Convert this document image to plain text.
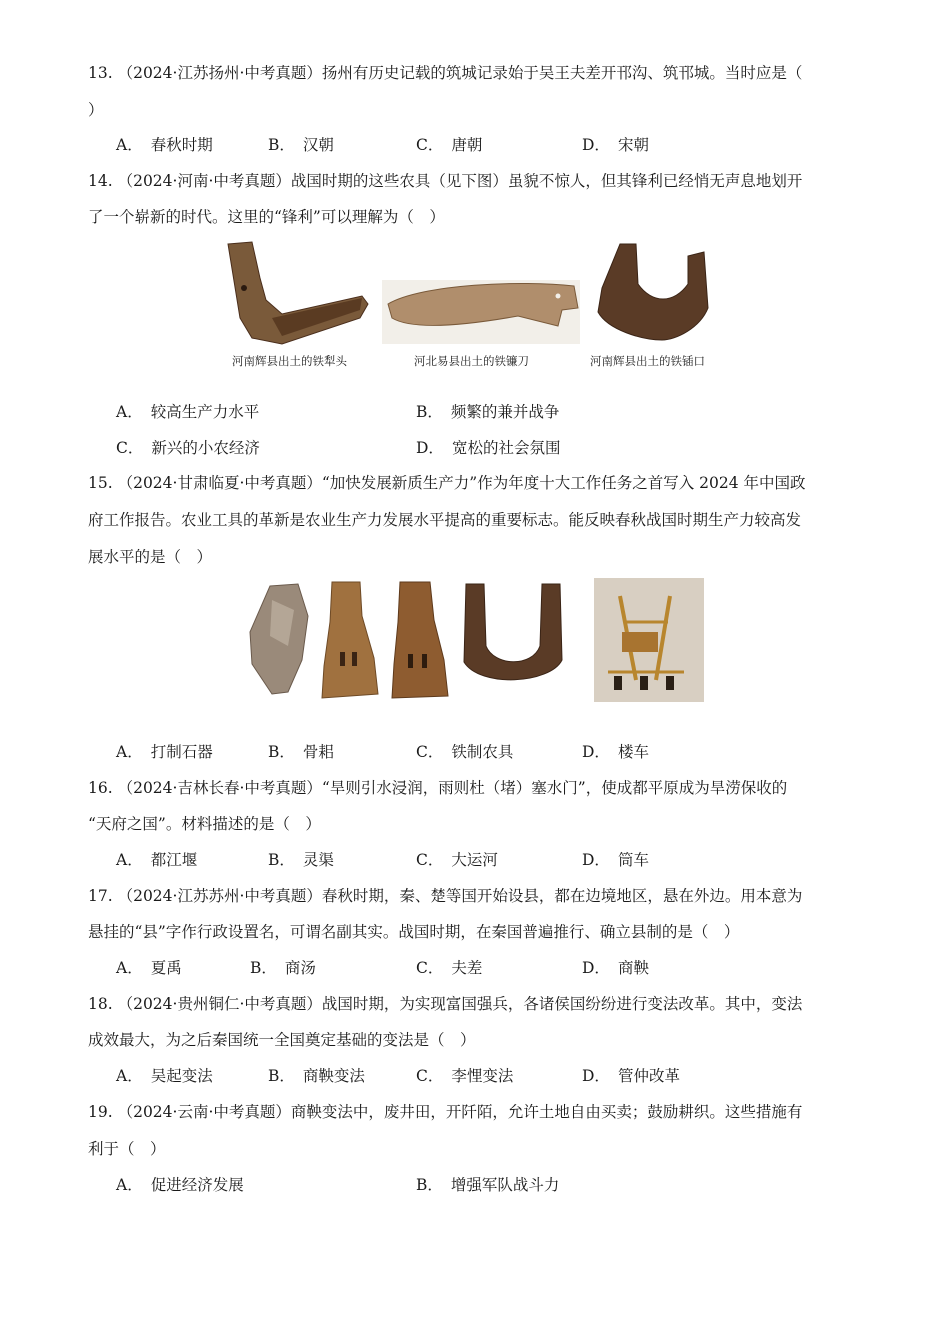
13. （2024·江苏扬州·中考真题）扬州有历史记载的筑城记录始于吴王夫差开邗沟、筑邗城。当时应是（
）
A． 春秋时期	B． 汉朝	C． 唐朝	D． 宋朝
14. （2024·河南·中考真题）战国时期的这些农具（见下图）虽貌不惊人，但其锋利已经悄无声息地划开
了一个崭新的时代。这里的“锋利”可以理解为（　）
河南辉县出土的铁犁头	河北易县出土的铁镰刀	河南辉县出土的铁锸口
A． 较高生产力水平	B． 频繁的兼并战争
C． 新兴的小农经济	D． 宽松的社会氛围
15. （2024·甘肃临夏·中考真题）“加快发展新质生产力”作为年度十大工作任务之首写入 2024 年中国政
府工作报告。农业工具的革新是农业生产力发展水平提高的重要标志。能反映春秋战国时期生产力较高发
展水平的是（　）
A． 打制石器	B． 骨耜	C． 铁制农具	D． 楼车
16. （2024·吉林长春·中考真题）“旱则引水浸润，雨则杜（堵）塞水门”，使成都平原成为旱涝保收的
“天府之国”。材料描述的是（　）
A． 都江堰	B． 灵渠	C． 大运河	D． 筒车
17. （2024·江苏苏州·中考真题）春秋时期，秦、楚等国开始设县，都在边境地区，悬在外边。用本意为
悬挂的“县”字作行政设置名，可谓名副其实。战国时期，在秦国普遍推行、确立县制的是（　）
A． 夏禹	B． 商汤	C． 夫差	D． 商鞅
18. （2024·贵州铜仁·中考真题）战国时期，为实现富国强兵，各诸侯国纷纷进行变法改革。其中，变法
成效最大，为之后秦国统一全国奠定基础的变法是（　）
A． 吴起变法	B． 商鞅变法	C． 李悝变法	D． 管仲改革
19. （2024·云南·中考真题）商鞅变法中，废井田，开阡陌，允许土地自由买卖；鼓励耕织。这些措施有
利于（　）
A． 促进经济发展	B． 增强军队战斗力
